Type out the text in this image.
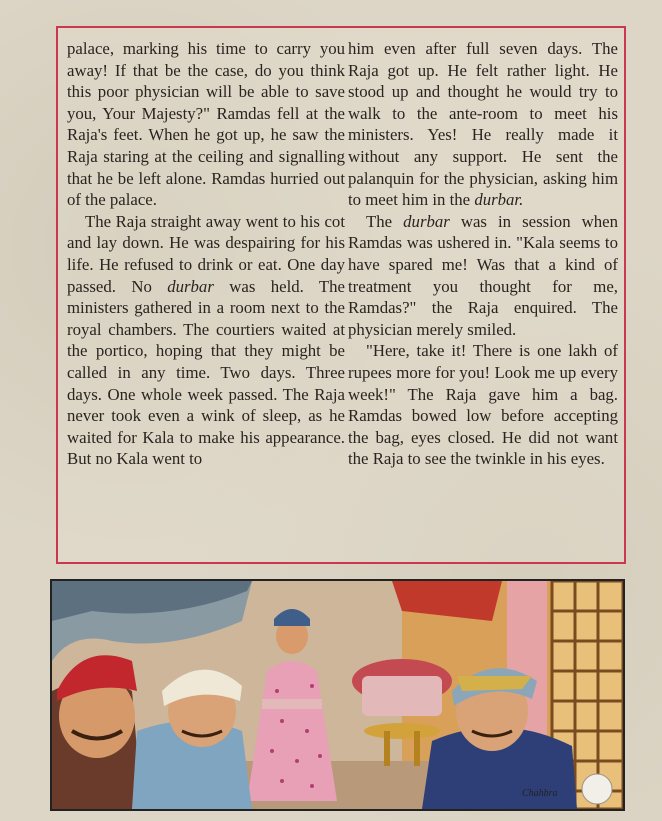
palace, marking his time to carry you away! If that be the case, do you think this poor physician will be able to save you, Your Majesty?" Ramdas fell at the Raja's feet. When he got up, he saw the Raja staring at the ceiling and signalling that he be left alone. Ramdas hurried out of the palace.

The Raja straight away went to his cot and lay down. He was despairing for his life. He refused to drink or eat. One day passed. No durbar was held. The ministers gathered in a room next to the royal chambers. The courtiers waited at the portico, hoping that they might be called in any time. Two days. Three days. One whole week passed. The Raja never took even a wink of sleep, as he waited for Kala to make his appearance. But no Kala went to

him even after full seven days. The Raja got up. He felt rather light. He stood up and thought he would try to walk to the ante-room to meet his ministers. Yes! He really made it without any support. He sent the palanquin for the physician, asking him to meet him in the durbar.

The durbar was in session when Ramdas was ushered in. "Kala seems to have spared me! Was that a kind of treatment you thought for me, Ramdas?" the Raja enquired. The physician merely smiled.

"Here, take it! There is one lakh of rupees more for you! Look me up every week!" The Raja gave him a bag. Ramdas bowed low before accepting the bag, eyes closed. He did not want the Raja to see the twinkle in his eyes.

Chahbra
